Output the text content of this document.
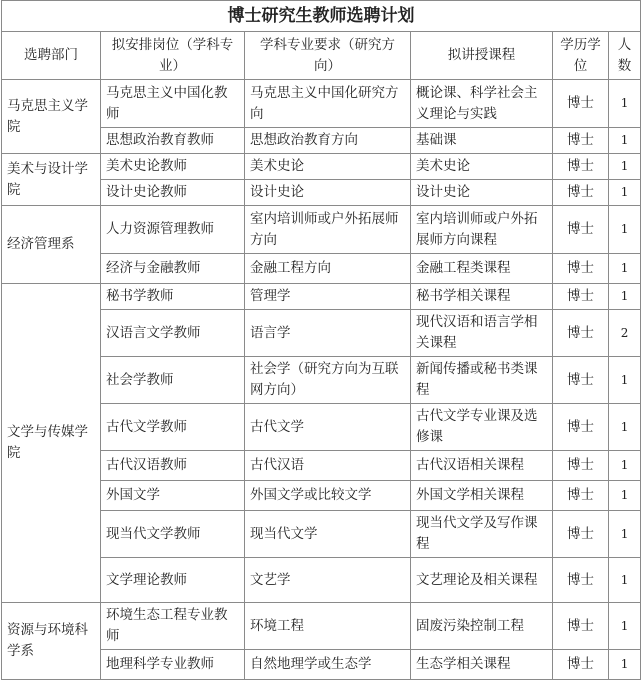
博士研究生教师选聘计划					
选聘部门	拟安排岗位（学科专业）	学科专业要求（研究方向）	拟讲授课程	学历学位	人数
马克思主义学院	马克思主义中国化教师	马克思主义中国化研究方向	概论课、科学社会主义理论与实践	博士	1
	思想政治教育教师	思想政治教育方向	基础课	博士	1
美术与设计学院	美术史论教师	美术史论	美术史论	博士	1
	设计史论教师	设计史论	设计史论	博士	1
经济管理系	人力资源管理教师	室内培训师或户外拓展师方向	室内培训师或户外拓展师方向课程	博士	1
	经济与金融教师	金融工程方向	金融工程类课程	博士	1
文学与传媒学院	秘书学教师	管理学	秘书学相关课程	博士	1
	汉语言文学教师	语言学	现代汉语和语言学相关课程	博士	2
	社会学教师	社会学（研究方向为互联网方向）	新闻传播或秘书类课程	博士	1
	古代文学教师	古代文学	古代文学专业课及选修课	博士	1
	古代汉语教师	古代汉语	古代汉语相关课程	博士	1
	外国文学	外国文学或比较文学	外国文学相关课程	博士	1
	现当代文学教师	现当代文学	现当代文学及写作课程	博士	1
	文学理论教师	文艺学	文艺理论及相关课程	博士	1
资源与环境科学系	环境生态工程专业教师	环境工程	固废污染控制工程	博士	1
	地理科学专业教师	自然地理学或生态学	生态学相关课程	博士	1
